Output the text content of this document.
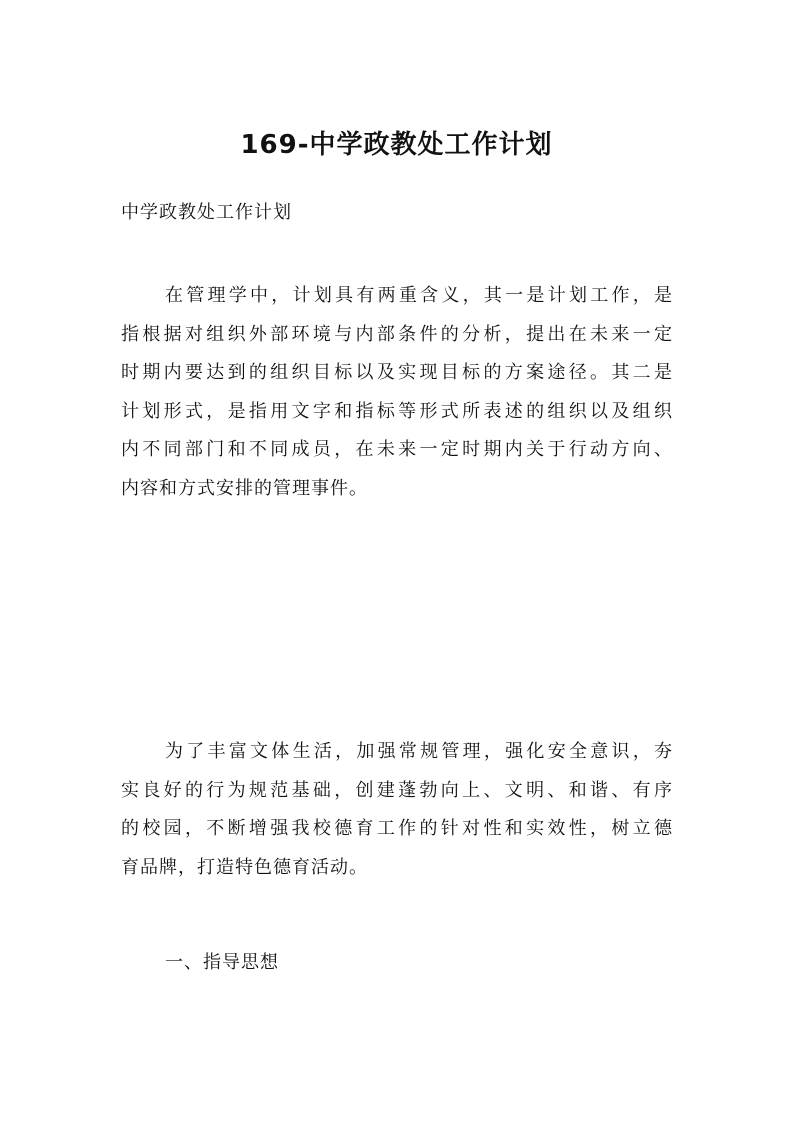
169-中学政教处工作计划

中学政教处工作计划

在管理学中，计划具有两重含义，其一是计划工作，是
指根据对组织外部环境与内部条件的分析，提出在未来一定
时期内要达到的组织目标以及实现目标的方案途径。其二是
计划形式，是指用文字和指标等形式所表述的组织以及组织
内不同部门和不同成员，在未来一定时期内关于行动方向、
内容和方式安排的管理事件。
为了丰富文体生活，加强常规管理，强化安全意识，夯
实良好的行为规范基础，创建蓬勃向上、文明、和谐、有序
的校园，不断增强我校德育工作的针对性和实效性，树立德
育品牌，打造特色德育活动。

一、指导思想
